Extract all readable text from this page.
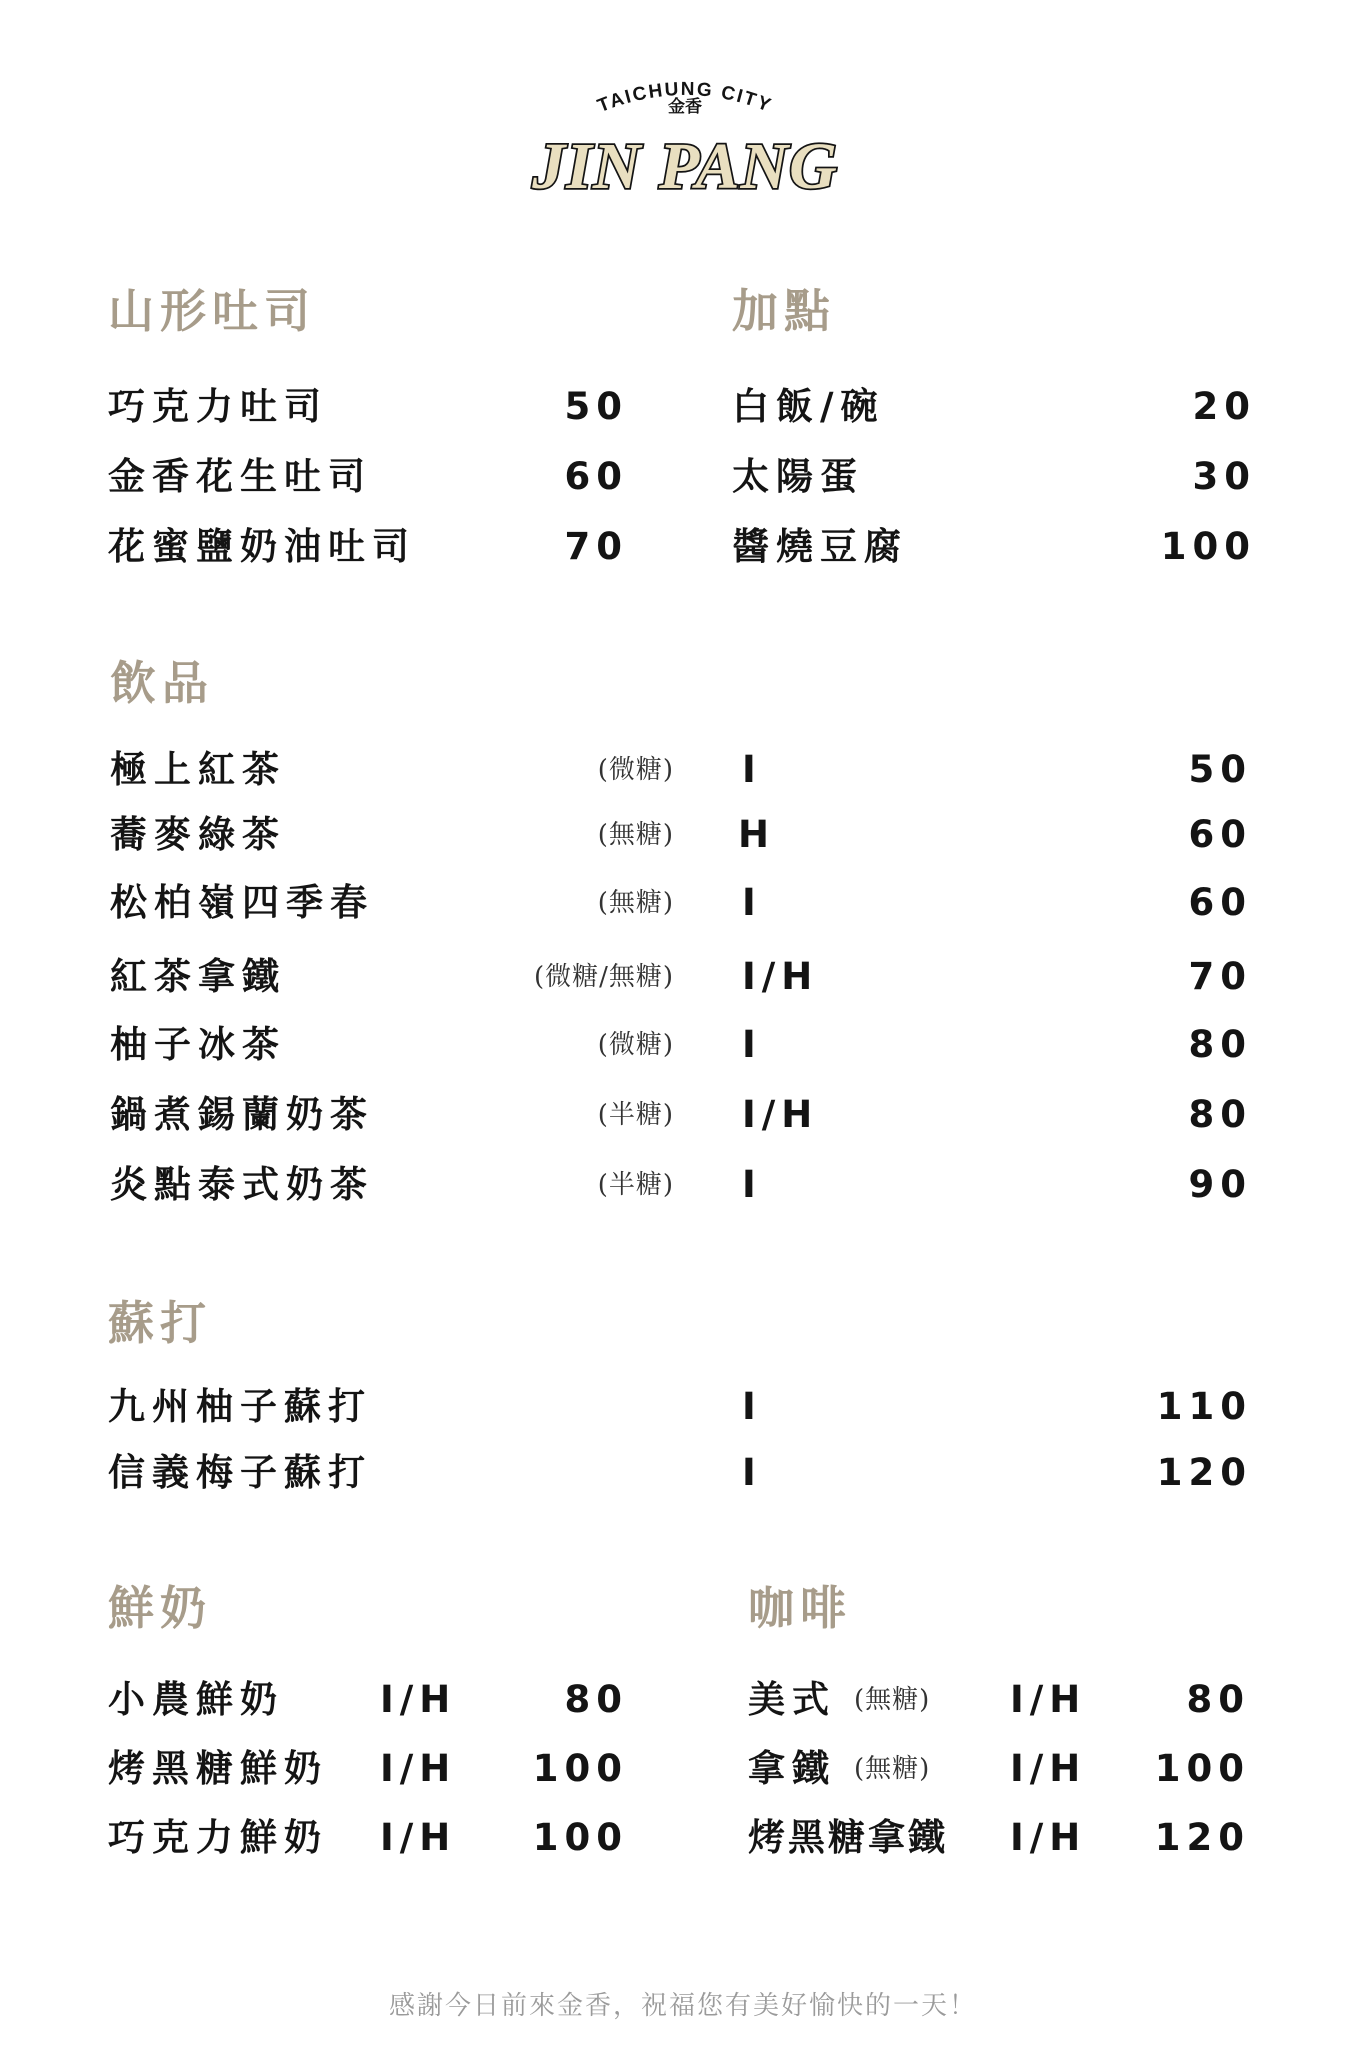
TAICHUNG CITY
金香
JIN PANG
山形吐司	加點
飲品
蘇打
鮮奶	咖啡
巧克力吐司	50
金香花生吐司	60
花蜜鹽奶油吐司	70
白飯/碗	20
太陽蛋	30
醬燒豆腐	100
極上紅茶	(微糖) I	50
蕎麥綠茶	(無糖) H	60
松柏嶺四季春	(無糖) I	60
紅茶拿鐵	(微糖/無糖) I/H	70
柚子冰茶	(微糖) I	80
鍋煮錫蘭奶茶	(半糖) I/H	80
炎點泰式奶茶	(半糖) I	90
九州柚子蘇打	I	110
信義梅子蘇打	I	120
小農鮮奶	I/H	80
烤黑糖鮮奶 I/H 100
巧克力鮮奶 I/H 100
美式 (無糖) I/H	80
拿鐵 (無糖) I/H 100
烤黑糖拿鐵 I/H 120
感謝今日前來金香，祝福您有美好愉快的一天！
